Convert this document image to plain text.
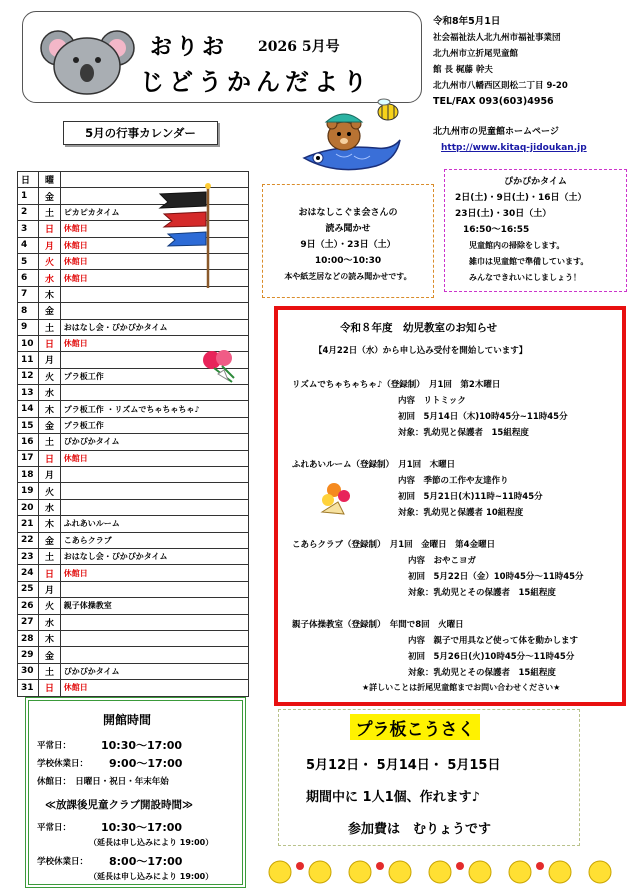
おりお 2026 5月号
じどうかんだより
令和8年5月1日
社会福祉法人北九州市福祉事業団
北九州市立折尾児童館
館 長 梶藤 幹夫
北九州市八幡西区則松二丁目 9-20
TEL/FAX 093(603)4956
北九州市の児童館ホームページ
http://www.kitaq-jidoukan.jp
5月の行事カレンダー
日	曜	
1	金	
2	土	ピカピカタイム
3	日	休館日
4	月	休館日
5	火	休館日
6	水	休館日
7	木	
8	金	
9	土	おはなし会・ぴかぴかタイム
10	日	休館日
11	月	
12	火	プラ板工作
13	水	
14	木	プラ板工作 ・リズムでちゃちゃちゃ♪
15	金	プラ板工作
16	土	ぴかぴかタイム
17	日	休館日
18	月	
19	火	
20	水	
21	木	ふれあいルーム
22	金	こあらクラブ
23	土	おはなし会・ぴかぴかタイム
24	日	休館日
25	月	
26	火	親子体操教室
27	水	
28	木	
29	金	
30	土	ぴかぴかタイム
31	日	休館日
おはなしこぐま会さんの
読み聞かせ
9日（土）・23日（土）
10:00～10:30
本や紙芝居などの読み聞かせです。
ぴかぴかタイム
2日(土)・9日(土)・16日（土）
23日(土)・30日（土）
16:50～16:55
児童館内の掃除をします。
雑巾は児童館で準備しています。
みんなできれいにしましょう！
令和８年度　幼児教室のお知らせ
【4月22日（水）から申し込み受付を開始しています】
リズムでちゃちゃちゃ♪（登録制）　月1回　第2木曜日
内容　リトミック
初回　5月14日（木)10時45分~11時45分
対象：乳幼児と保護者　15組程度
ふれあいルーム（登録制）　月1回　木曜日
内容　季節の工作や友達作り
初回　5月21日(木)11時~11時45分
対象：乳幼児と保護者 10組程度
こあらクラブ（登録制）　月1回　金曜日　第4金曜日
内容　おやこヨガ
初回　5月22日（金）10時45分～11時45分
対象：乳幼児とその保護者　15組程度
親子体操教室（登録制）　年間で8回　火曜日
内容　親子で用具など使って体を動かします
初回　5月26日(火)10時45分～11時45分
対象：乳幼児とその保護者　15組程度
★詳しいことは折尾児童館までお問い合わせください★
開館時間
平常日：	10:30～17:00
学校休業日： 9:00～17:00
休館日：　日曜日・祝日・年末年始
≪放課後児童クラブ開設時間≫
平常日：	10:30～17:00
（延長は申し込みにより 19:00）
学校休業日： 8:00～17:00
（延長は申し込みにより 19:00）
プラ板こうさく
5月12日・ 5月14日・ 5月15日
期間中に 1人1個、作れます♪
参加費は　むりょうです
